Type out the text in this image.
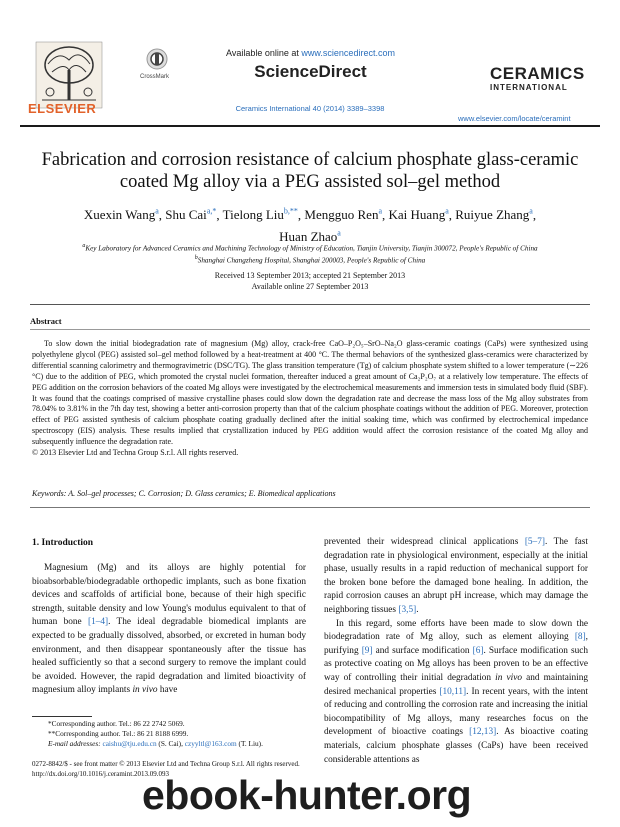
ELSEVIER
CrossMark
Available online at www.sciencedirect.com
ScienceDirect
Ceramics International 40 (2014) 3389–3398
CERAMICS
INTERNATIONAL
www.elsevier.com/locate/ceramint
Fabrication and corrosion resistance of calcium phosphate glass-ceramic
coated Mg alloy via a PEG assisted sol–gel method
Xuexin Wang$^a$, Shu Cai$^{a,*}$, Tielong Liu$^{b,**}$, Mengguo Ren$^a$, Kai Huang$^a$, Ruiyue Zhang$^a$,
Huan Zhao$^a$
$^a$Key Laboratory for Advanced Ceramics and Machining Technology of Ministry of Education, Tianjin University, Tianjin 300072, People's Republic of China
$^b$Shanghai Changzheng Hospital, Shanghai 200003, People's Republic of China
Received 13 September 2013; accepted 21 September 2013
Available online 27 September 2013
Abstract
To slow down the initial biodegradation rate of magnesium (Mg) alloy, crack-free CaO–P₂O₅–SrO–Na₂O glass-ceramic coatings (CaPs) were synthesized using polyethylene glycol (PEG) assisted sol–gel method followed by a heat-treatment at 400 °C. The thermal behaviors of the synthesized glass-ceramics were characterized by differential scanning calorimetry and thermogravimetric (DSC/TG). The glass transition temperature (Tg) of calcium phosphate system shifted to a lower temperature (∼226 °C) due to the addition of PEG, which promoted the crystal nuclei formation, thereafter induced a great amount of Ca₂P₂O₇ at a relatively low temperature. The effects of PEG addition on the corrosion behaviors of the coated Mg alloys were investigated by the electrochemical measurements and immersion tests in simulated body fluid (SBF). It was found that the coatings comprised of massive crystalline phases could slow down the degradation rate and decrease the mass loss of the Mg alloy substrates from 78.04% to 3.81% in the 7th day test, showing a better anti-corrosion property than that of the calcium phosphate coatings without the addition of PEG. Moreover, protection effect of PEG assisted synthesis of calcium phosphate coating gradually declined after the initial soaking time, which was confirmed by electrochemical impedance spectroscopy (EIS) analysis. These results implied that crystallization induced by PEG addition would affect the corrosion resistance of the coated Mg alloy and subsequently influence the degradation rate.
© 2013 Elsevier Ltd and Techna Group S.r.l. All rights reserved.
Keywords: A. Sol–gel processes; C. Corrosion; D. Glass ceramics; E. Biomedical applications
1. Introduction

Magnesium (Mg) and its alloys are highly potential for bioabsorbable/biodegradable orthopedic implants, such as bone fixation devices and scaffolds of artificial bone, because of their high specific strength, suitable density and low Young's modulus equivalent to that of human bone [1–4]. The ideal degradable biomedical implants are expected to be gradually dissolved, absorbed, or excreted in human body environment, and then disappear spontaneously after the tissue has healed sufficiently so that a second surgery to remove the implant could be avoided. However, the rapid degradation and limited bioactivity of magnesium alloy implants in vivo have

prevented their widespread clinical applications [5–7]. The fast degradation rate in physiological environment, especially at the initial phase, usually results in a rapid reduction of mechanical support for the broken bone before the damaged bone healing. In addition, the rapid corrosion causes an abrupt pH increase, which may damage the neighboring tissues [3,5].

In this regard, some efforts have been made to slow down the biodegradation rate of Mg alloy, such as element alloying [8], purifying [9] and surface modification [6]. Surface modification such as protective coating on Mg alloys has been proven to be an effective way of controlling their initial degradation in vivo and maintaining desired mechanical properties [10,11]. In recent years, with the intent of reducing and controlling the corrosion rate and increasing the initial biocompatibility of Mg alloys, many researches focus on the development of bioactive coatings [12,13]. As bioactive coating materials, calcium phosphate glasses (CaPs) have been received considerable attentions as

*Corresponding author. Tel.: 86 22 2742 5069.
**Corresponding author. Tel.: 86 21 8188 6999.
E-mail addresses: caishu@tju.edu.cn (S. Cai), czyyltl@163.com (T. Liu).
0272-8842/$ - see front matter © 2013 Elsevier Ltd and Techna Group S.r.l. All rights reserved.
http://dx.doi.org/10.1016/j.ceramint.2013.09.093
ebook-hunter.org
